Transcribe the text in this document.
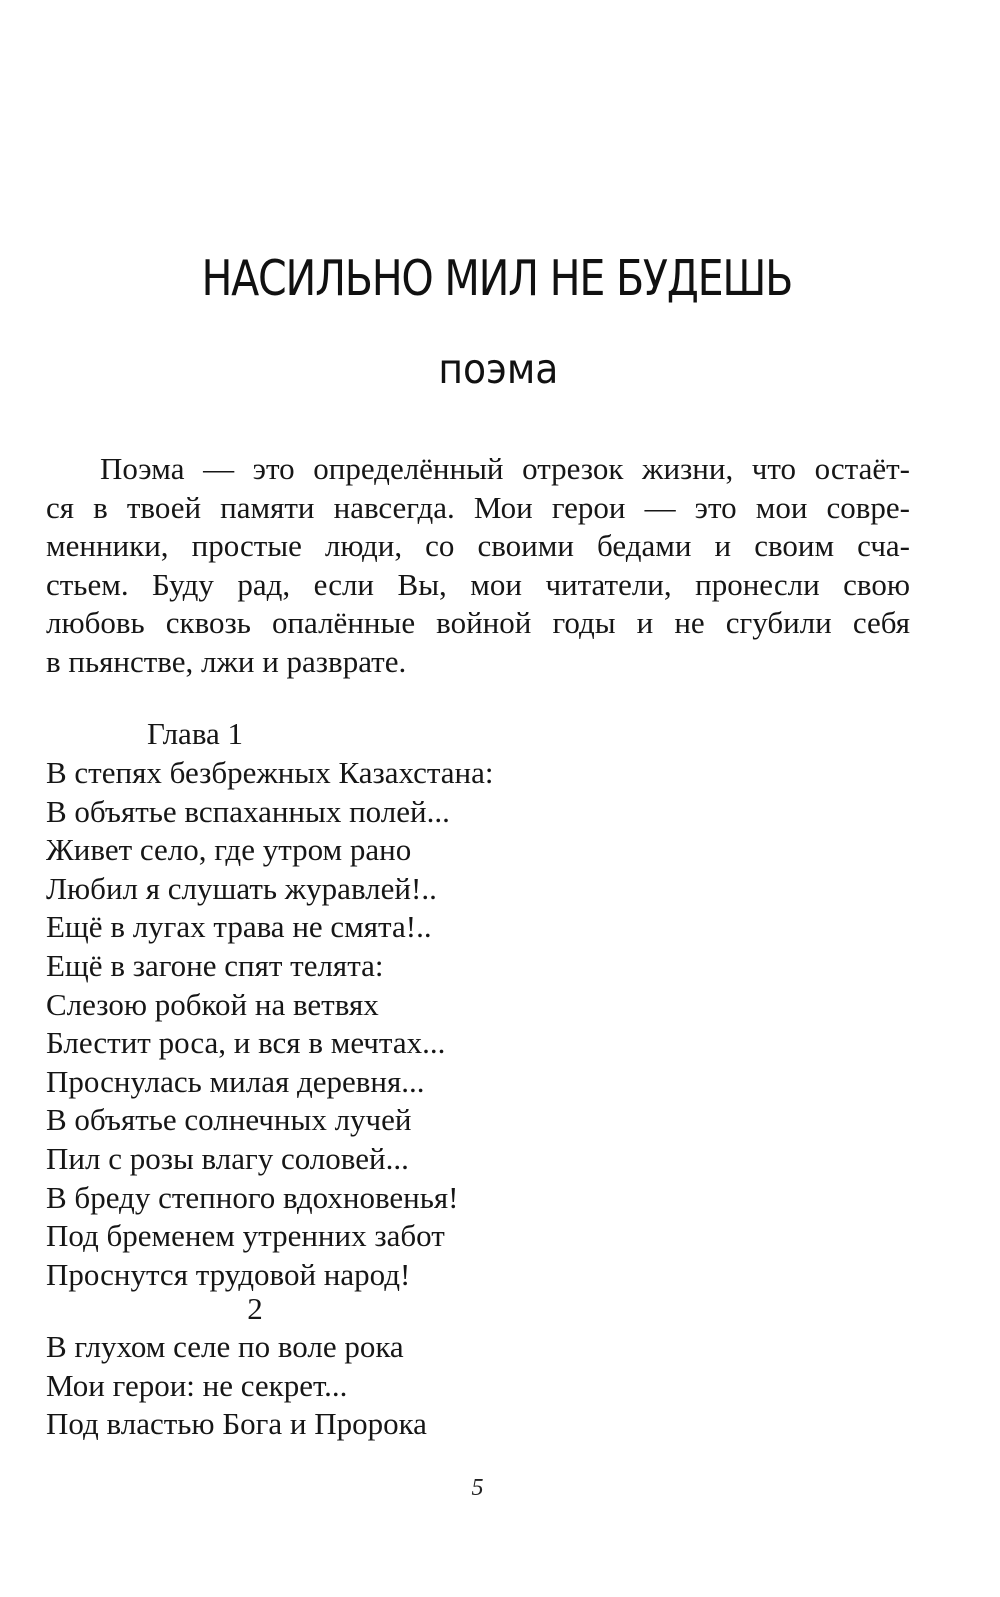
НАСИЛЬНО МИЛ НЕ БУДЕШЬ
поэма
Поэма — это определённый отрезок жизни, что остаёт-
ся в твоей памяти навсегда. Мои герои — это мои совре-
менники, простые люди, со своими бедами и своим сча-
стьем. Буду рад, если Вы, мои читатели, пронесли свою
любовь сквозь опалённые войной годы и не сгубили себя
в пьянстве, лжи и разврате.
Глава 1
В степях безбрежных Казахстана:
В объятье вспаханных полей...
Живет село, где утром рано
Любил я слушать журавлей!..
Ещё в лугах трава не смята!..
Ещё в загоне спят телята:
Слезою робкой на ветвях
Блестит роса, и вся в мечтах...
Проснулась милая деревня...
В объятье солнечных лучей
Пил с розы влагу соловей...
В бреду степного вдохновенья!
Под бременем утренних забот
Проснутся трудовой народ!
2
В глухом селе по воле рока
Мои герои: не секрет...
Под властью Бога и Пророка
5
